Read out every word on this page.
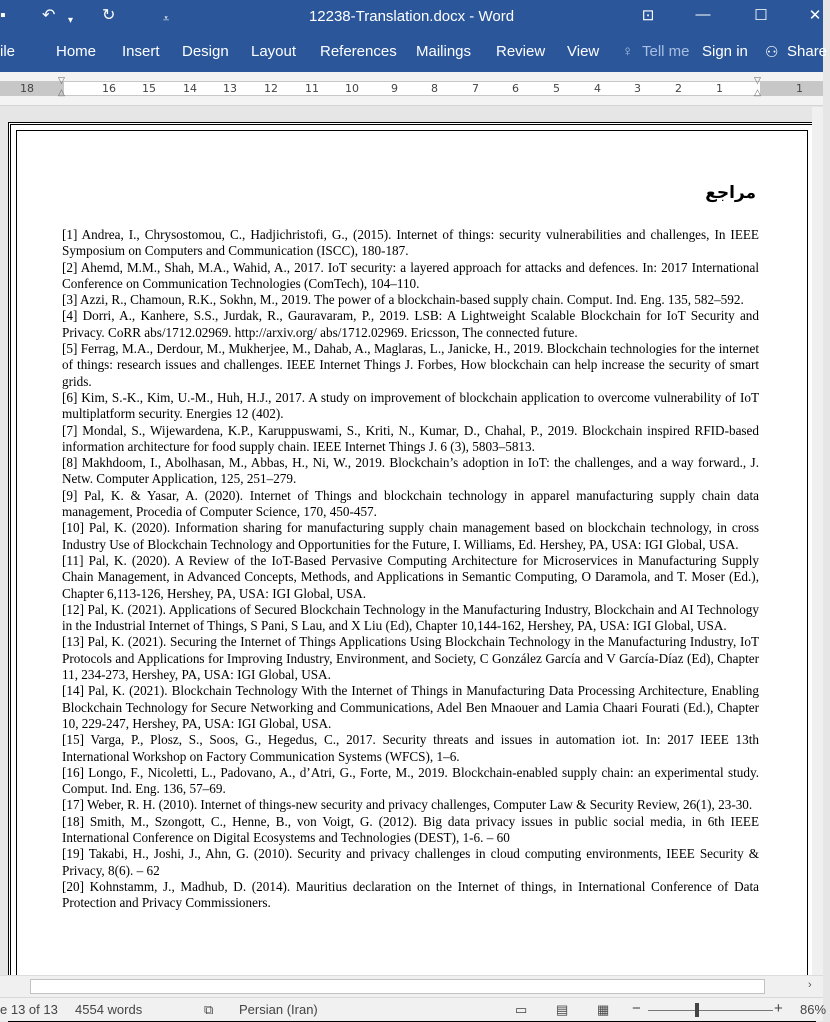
▪ ↶ ▾ ↻	⩡	12238-Translation.docx - Word	⊡	—	☐	✕
ile	Home Insert Design Layout References Mailings Review View ♀ Tell me Sign in ⚇ Share
18	16 15 14 13 12 11 10	9	8	7	6	5	4	3	2	1	1
▽
△
▽
△
مراجع
[1] Andrea, I., Chrysostomou, C., Hadjichristofi, G., (2015). Internet of things: security vulnerabilities and challenges, In IEEE Symposium on Computers and Communication (ISCC), 180-187.
[2] Ahemd, M.M., Shah, M.A., Wahid, A., 2017. IoT security: a layered approach for attacks and defences. In: 2017 International Conference on Communication Technologies (ComTech), 104–110.
[3] Azzi, R., Chamoun, R.K., Sokhn, M., 2019. The power of a blockchain-based supply chain. Comput. Ind. Eng. 135, 582–592.
[4] Dorri, A., Kanhere, S.S., Jurdak, R., Gauravaram, P., 2019. LSB: A Lightweight Scalable Blockchain for IoT Security and Privacy. CoRR abs/1712.02969. http://arxiv.org/ abs/1712.02969. Ericsson, The connected future.
[5] Ferrag, M.A., Derdour, M., Mukherjee, M., Dahab, A., Maglaras, L., Janicke, H., 2019. Blockchain technologies for the internet of things: research issues and challenges. IEEE Internet Things J. Forbes, How blockchain can help increase the security of smart grids.
[6] Kim, S.-K., Kim, U.-M., Huh, H.J., 2017. A study on improvement of blockchain application to overcome vulnerability of IoT multiplatform security. Energies 12 (402).
[7] Mondal, S., Wijewardena, K.P., Karuppuswami, S., Kriti, N., Kumar, D., Chahal, P., 2019. Blockchain inspired RFID-based information architecture for food supply chain. IEEE Internet Things J. 6 (3), 5803–5813.
[8] Makhdoom, I., Abolhasan, M., Abbas, H., Ni, W., 2019. Blockchain’s adoption in IoT: the challenges, and a way forward., J. Netw. Computer Application, 125, 251–279.
[9] Pal, K. & Yasar, A. (2020). Internet of Things and blockchain technology in apparel manufacturing supply chain data management, Procedia of Computer Science, 170, 450-457.
[10] Pal, K. (2020). Information sharing for manufacturing supply chain management based on blockchain technology, in cross Industry Use of Blockchain Technology and Opportunities for the Future, I. Williams, Ed. Hershey, PA, USA: IGI Global, USA.
[11] Pal, K. (2020). A Review of the IoT-Based Pervasive Computing Architecture for Microservices in Manufacturing Supply Chain Management, in Advanced Concepts, Methods, and Applications in Semantic Computing, O Daramola, and T. Moser (Ed.), Chapter 6,113-126, Hershey, PA, USA: IGI Global, USA.
[12] Pal, K. (2021). Applications of Secured Blockchain Technology in the Manufacturing Industry, Blockchain and AI Technology in the Industrial Internet of Things, S Pani, S Lau, and X Liu (Ed), Chapter 10,144-162, Hershey, PA, USA: IGI Global, USA.
[13] Pal, K. (2021). Securing the Internet of Things Applications Using Blockchain Technology in the Manufacturing Industry, IoT Protocols and Applications for Improving Industry, Environment, and Society, C González García and V García-Díaz (Ed), Chapter 11, 234-273, Hershey, PA, USA: IGI Global, USA.
[14] Pal, K. (2021). Blockchain Technology With the Internet of Things in Manufacturing Data Processing Architecture, Enabling Blockchain Technology for Secure Networking and Communications, Adel Ben Mnaouer and Lamia Chaari Fourati (Ed.), Chapter 10, 229-247, Hershey, PA, USA: IGI Global, USA.
[15] Varga, P., Plosz, S., Soos, G., Hegedus, C., 2017. Security threats and issues in automation iot. In: 2017 IEEE 13th International Workshop on Factory Communication Systems (WFCS), 1–6.
[16] Longo, F., Nicoletti, L., Padovano, A., d’Atri, G., Forte, M., 2019. Blockchain-enabled supply chain: an experimental study. Comput. Ind. Eng. 136, 57–69.
[17] Weber, R. H. (2010). Internet of things-new security and privacy challenges, Computer Law & Security Review, 26(1), 23-30.
[18] Smith, M., Szongott, C., Henne, B., von Voigt, G. (2012). Big data privacy issues in public social media, in 6th IEEE International Conference on Digital Ecosystems and Technologies (DEST), 1-6. – 60
[19] Takabi, H., Joshi, J., Ahn, G. (2010). Security and privacy challenges in cloud computing environments, IEEE Security & Privacy, 8(6). – 62
[20] Kohnstamm, J., Madhub, D. (2014). Mauritius declaration on the Internet of things, in International Conference of Data Protection and Privacy Commissioners.
›
e 13 of 13 4554 words	⧉ Persian (Iran)	▭ ▤ ▦ −	+ 86%
